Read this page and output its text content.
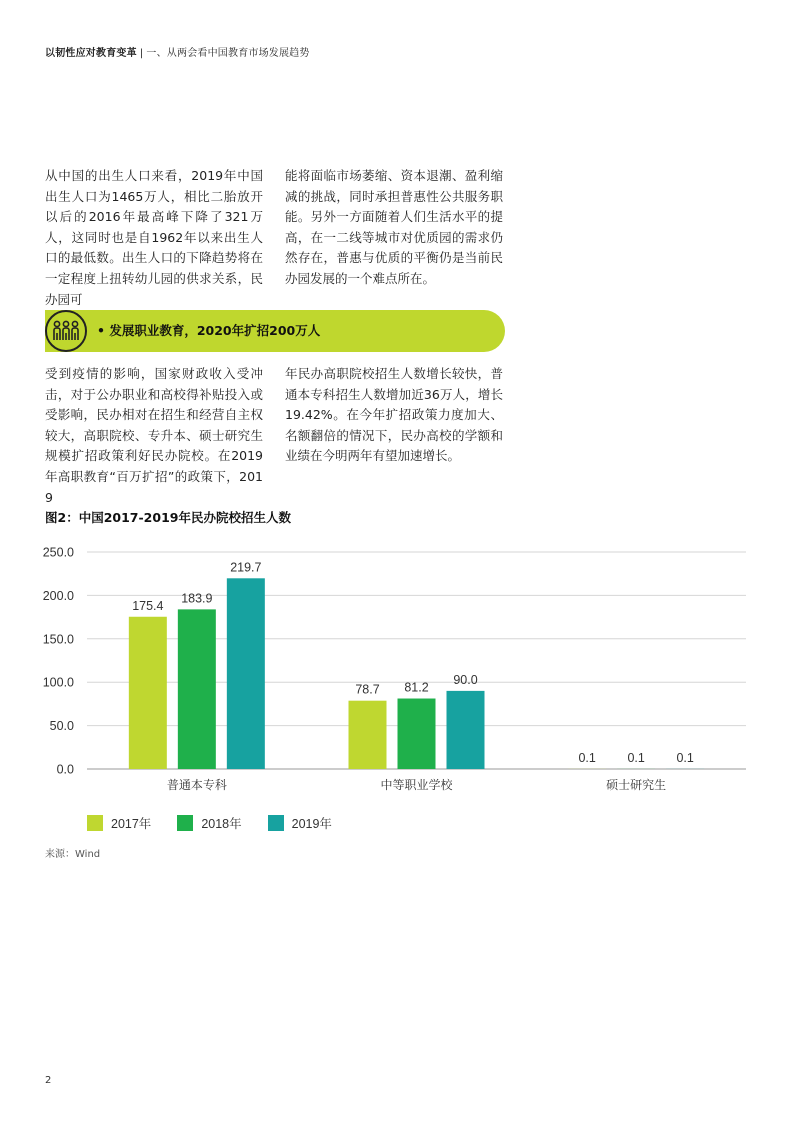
以韧性应对教育变革 | 一、从两会看中国教育市场发展趋势
从中国的出生人口来看，2019年中国出生人口为1465万人，相比二胎放开以后的2016年最高峰下降了321万人，这同时也是自1962年以来出生人口的最低数。出生人口的下降趋势将在一定程度上扭转幼儿园的供求关系，民办园可
能将面临市场萎缩、资本退潮、盈利缩减的挑战，同时承担普惠性公共服务职能。另外一方面随着人们生活水平的提高，在一二线等城市对优质园的需求仍然存在，普惠与优质的平衡仍是当前民办园发展的一个难点所在。
• 发展职业教育，2020年扩招200万人
受到疫情的影响，国家财政收入受冲击，对于公办职业和高校得补贴投入或受影响，民办相对在招生和经营自主权较大，高职院校、专升本、硕士研究生规模扩招政策利好民办院校。在2019年高职教育“百万扩招”的政策下，2019
年民办高职院校招生人数增长较快，普通本专科招生人数增加近36万人，增长19.42%。在今年扩招政策力度加大、名额翻倍的情况下，民办高校的学额和业绩在今明两年有望加速增长。
图2：中国2017-2019年民办院校招生人数
0.0
50.0
100.0
150.0
200.0
250.0
175.4
183.9
219.7
普通本专科
78.7 81.2
90.0
中等职业学校
0.1	0.1	0.1
硕士研究生
2017年	2018年	2019年
来源：Wind
2
